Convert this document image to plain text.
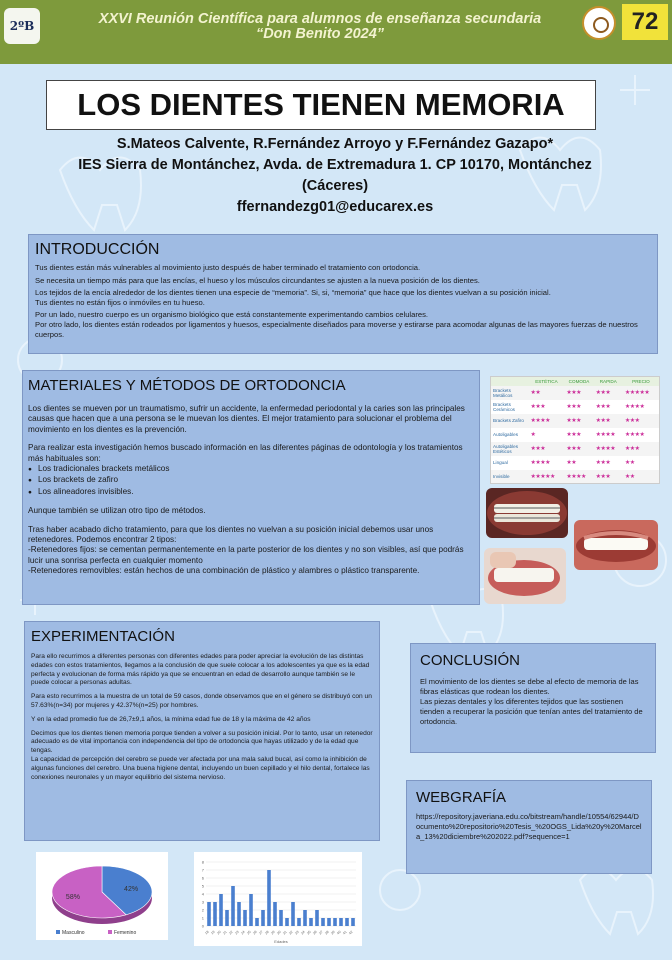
2ºB	XXVI Reunión Científica para alumnos de enseñanza secundaria
“Don Benito 2024”	72
LOS DIENTES TIENEN MEMORIA
S.Mateos Calvente, R.Fernández Arroyo y F.Fernández Gazapo*
IES Sierra de Montánchez, Avda. de Extremadura 1. CP 10170, Montánchez
(Cáceres)
ffernandezg01@educarex.es
INTRODUCCIÓN

Tus dientes están más vulnerables al movimiento justo después de haber terminado el tratamiento con ortodoncia.

Se necesita un tiempo más para que las encías, el hueso y los músculos circundantes se ajusten a la nueva posición de los dientes.

Los tejidos de la encía alrededor de los dientes tienen una especie de “memoria”. Si, si, “memoria” que hace que los dientes vuelvan a su posición inicial.

Tus dientes no están fijos o inmóviles en tu hueso.

Por un lado, nuestro cuerpo es un organismo biológico que está constantemente experimentando cambios celulares.

Por otro lado, los dientes están rodeados por ligamentos y huesos, especialmente diseñados para moverse y estirarse para acomodar algunas de las mayores fuerzas de nuestros cuerpos.

MATERIALES Y MÉTODOS DE ORTODONCIA

Los dientes se mueven por un traumatismo, sufrir un accidente, la enfermedad periodontal y la caries son las principales causas que hacen que a una persona se le muevan los dientes. El mejor tratamiento para solucionar el problema del movimiento en los dientes es la prevención.

Para realizar esta investigación hemos buscado información en las diferentes páginas de odontología y los tratamientos más habituales son:

● Los tradicionales brackets metálicos
● Los brackets de zafiro
● Los alineadores invisibles.

Aunque también se utilizan otro tipo de métodos.

Tras haber acabado dicho tratamiento, para que los dientes no vuelvan a su posición inicial debemos usar unos retenedores. Podemos encontrar 2 tipos:

-Retenedores fijos: se cementan permanentemente en la parte posterior de los dientes y no son visibles, así que podrás lucir una sonrisa perfecta en cualquier momento

-Retenedores removibles: están hechos de una combinación de plástico y alambres o plástico transparente.

	ESTÉTICA	COMODA	RAPIDA	PRECIO
Brackets Metálicos	★★	★★★	★★★	★★★★★
Brackets Cerámicos	★★★	★★★	★★★	★★★★
Brackets Zafiro	★★★★	★★★	★★★	★★★
Autoligables	★	★★★	★★★★	★★★★
Autoligables Estéticos	★★★	★★★	★★★★	★★★
Lingual	★★★★	★★	★★★	★★
Invisible	★★★★★	★★★★	★★★	★★
EXPERIMENTACIÓN

Para ello recurrimos a diferentes personas con diferentes edades para poder apreciar la evolución de las distintas edades con estos tratamientos, llegamos a la conclusión de que suele colocar a los adolescentes ya que es la edad perfecta y evolucionan de forma más rápido ya que se encuentran en edad de desarrollo aunque también se le puede colocar a personas adultas.

Para esto recurrimos a la muestra de un total de 59 casos, donde observamos que en el género se distribuyó con un 57.63%(n=34) por mujeres y 42.37%(n=25) por hombres.

Y en la edad promedio fue de 26,7±9,1 años, la mínima edad fue de 18 y la máxima de 42 años

Decimos que los dientes tienen memoria porque tienden a volver a su posición inicial. Por lo tanto, usar un retenedor adecuado es de vital importancia con independencia del tipo de ortodoncia que hayas utilizado y de la edad que tengas.
La capacidad de percepción del cerebro se puede ver afectada por una mala salud bucal, así como la inhibición de algunas funciones del cerebro. Una buena higiene dental, incluyendo un buen cepillado y el hilo dental, fortalece las conexiones neuronales y un mayor equilibrio del sistema nervioso.

CONCLUSIÓN

El movimiento de los dientes se debe al efecto de memoria de las fibras elásticas que rodean los dientes.

Las piezas dentales y los diferentes tejidos que las sostienen tienden a recuperar la posición que tenían antes del tratamiento de ortodoncia.

WEBGRAFÍA

https://repository.javeriana.edu.co/bitstream/handle/10554/62944/Documento%20repositorio%20Tesis_%20OGS_Lida%20y%20Marcela_13%20diciembre%202022.pdf?sequence=1

42%
58%
Masculino	Femenino
0
1
2
3
4
5
6
7
8
18 19 20 21 22 23 24 25 26 27 28 29 30 31 32 33 34 35 36 37 38 39 40 41 42
Edades
